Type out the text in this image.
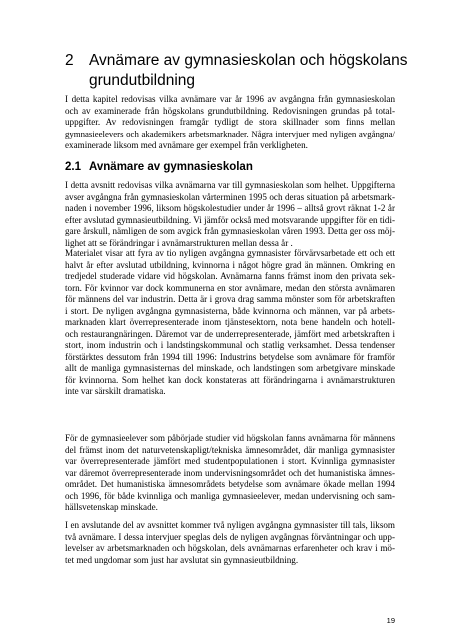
2 Avnämare av gymnasieskolan och högskolans grundutbildning

I detta kapitel redovisas vilka avnämare var år 1996 av avgångna från gymnasieskolan
och av examinerade från högskolans grundutbildning. Redovisningen grundas på total-
uppgifter. Av redovisningen framgår tydligt de stora skillnader som finns mellan
gymnasieelevers och akademikers arbetsmarknader. Några intervjuer med nyligen avgångna/
examinerade liksom med avnämare ger exempel från verkligheten.

2.1 Avnämare av gymnasieskolan

I detta avsnitt redovisas vilka avnämarna var till gymnasieskolan som helhet. Uppgifterna
avser avgångna från gymnasieskolan vårterminen 1995 och deras situation på arbetsmark-
naden i november 1996, liksom högskolestudier under år 1996 – alltså grovt räknat 1-2 år
efter avslutad gymnasieutbildning. Vi jämför också med motsvarande uppgifter för en tidi-
gare årskull, nämligen de som avgick från gymnasieskolan våren 1993. Detta ger oss möj-
lighet att se förändringar i avnämarstrukturen mellan dessa år .

Materialet visar att fyra av tio nyligen avgångna gymnasister förvärvsarbetade ett och ett
halvt år efter avslutad utbildning, kvinnorna i något högre grad än männen. Omkring en
tredjedel studerade vidare vid högskolan. Avnämarna fanns främst inom den privata sek-
torn. För kvinnor var dock kommunerna en stor avnämare, medan den största avnämaren
för männens del var industrin. Detta är i grova drag samma mönster som för arbetskraften
i stort. De nyligen avgångna gymnasisterna, både kvinnorna och männen, var på arbets-
marknaden klart överrepresenterade inom tjänstesektorn, nota bene handeln och hotell-
och restaurangnäringen. Däremot var de underrepresenterade, jämfört med arbetskraften i
stort, inom industrin och i landstingskommunal och statlig verksamhet. Dessa tendenser
förstärktes dessutom från 1994 till 1996: Industrins betydelse som avnämare för framför
allt de manliga gymnasisternas del minskade, och landstingen som arbetgivare minskade
för kvinnorna. Som helhet kan dock konstateras att förändringarna i avnämarstrukturen
inte var särskilt dramatiska.

För de gymnasieelever som påbörjade studier vid högskolan fanns avnämarna för männens
del främst inom det naturvetenskapligt/tekniska ämnesområdet, där manliga gymnasister
var överrepresenterade jämfört med studentpopulationen i stort. Kvinnliga gymnasister
var däremot överrepresenterade inom undervisningsområdet och det humanistiska ämnes-
området. Det humanistiska ämnesområdets betydelse som avnämare ökade mellan 1994
och 1996, för både kvinnliga och manliga gymnasieelever, medan undervisning och sam-
hällsvetenskap minskade.

I en avslutande del av avsnittet kommer två nyligen avgångna gymnasister till tals, liksom
två avnämare. I dessa intervjuer speglas dels de nyligen avgångnas förväntningar och upp-
levelser av arbetsmarknaden och högskolan, dels avnämarnas erfarenheter och krav i mö-
tet med ungdomar som just har avslutat sin gymnasieutbildning.

19
